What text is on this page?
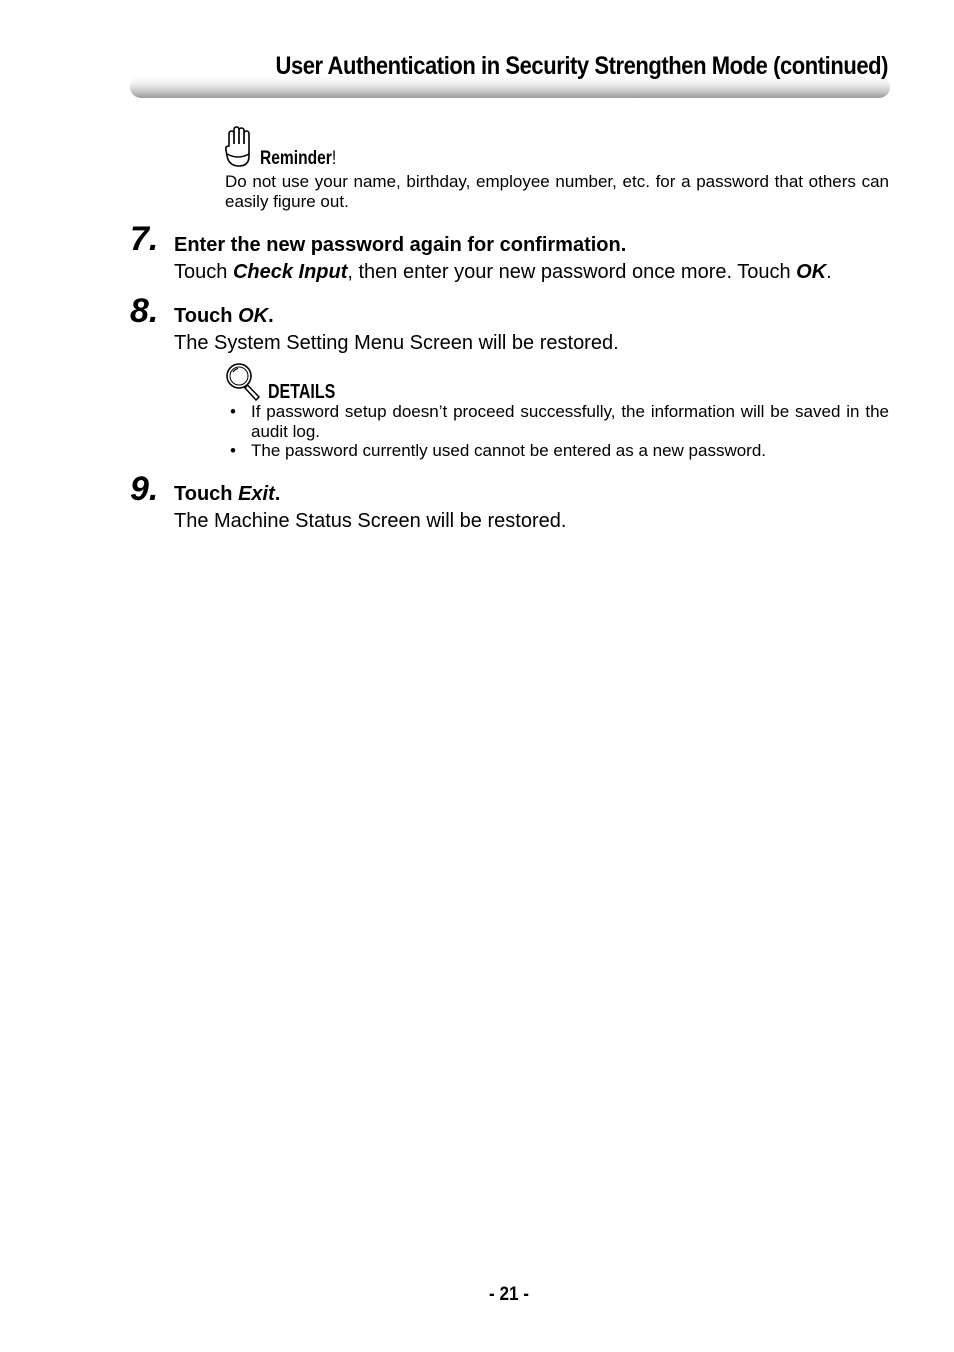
User Authentication in Security Strengthen Mode (continued)
Reminder!
Do not use your name, birthday, employee number, etc. for a password that others can easily figure out.
7. Enter the new password again for confirmation.
Touch Check Input, then enter your new password once more. Touch OK.
8. Touch OK.
The System Setting Menu Screen will be restored.
DETAILS
• If password setup doesn’t proceed successfully, the information will be saved in the audit log.
• The password currently used cannot be entered as a new password.
9. Touch Exit.
The Machine Status Screen will be restored.
- 21 -
